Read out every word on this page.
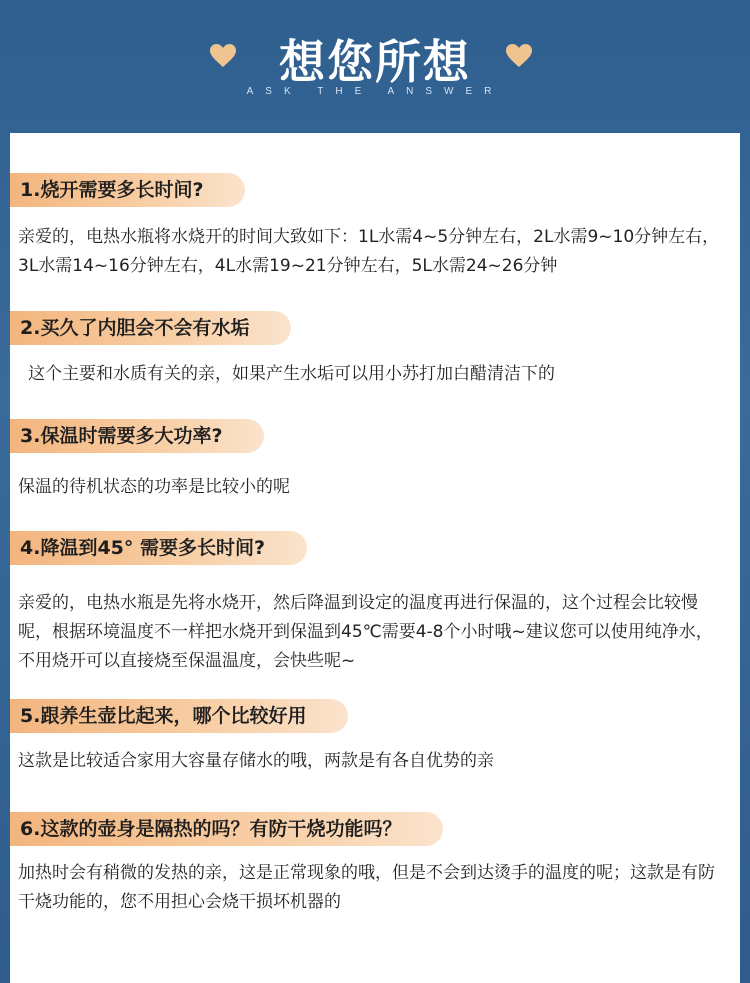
想您所想
ASK THE ANSWER
1.烧开需要多长时间?
亲爱的，电热水瓶将水烧开的时间大致如下：1L水需4~5分钟左右，2L水需9~10分钟左右，3L水需14~16分钟左右，4L水需19~21分钟左右，5L水需24~26分钟
2.买久了内胆会不会有水垢
这个主要和水质有关的亲，如果产生水垢可以用小苏打加白醋清洁下的
3.保温时需要多大功率?
保温的待机状态的功率是比较小的呢
4.降温到45° 需要多长时间?
亲爱的，电热水瓶是先将水烧开，然后降温到设定的温度再进行保温的，这个过程会比较慢呢，根据环境温度不一样把水烧开到保温到45℃需要4-8个小时哦~建议您可以使用纯净水，不用烧开可以直接烧至保温温度，会快些呢~
5.跟养生壶比起来，哪个比较好用
这款是比较适合家用大容量存储水的哦，两款是有各自优势的亲
6.这款的壶身是隔热的吗？有防干烧功能吗？
加热时会有稍微的发热的亲，这是正常现象的哦，但是不会到达烫手的温度的呢；这款是有防干烧功能的，您不用担心会烧干损坏机器的
